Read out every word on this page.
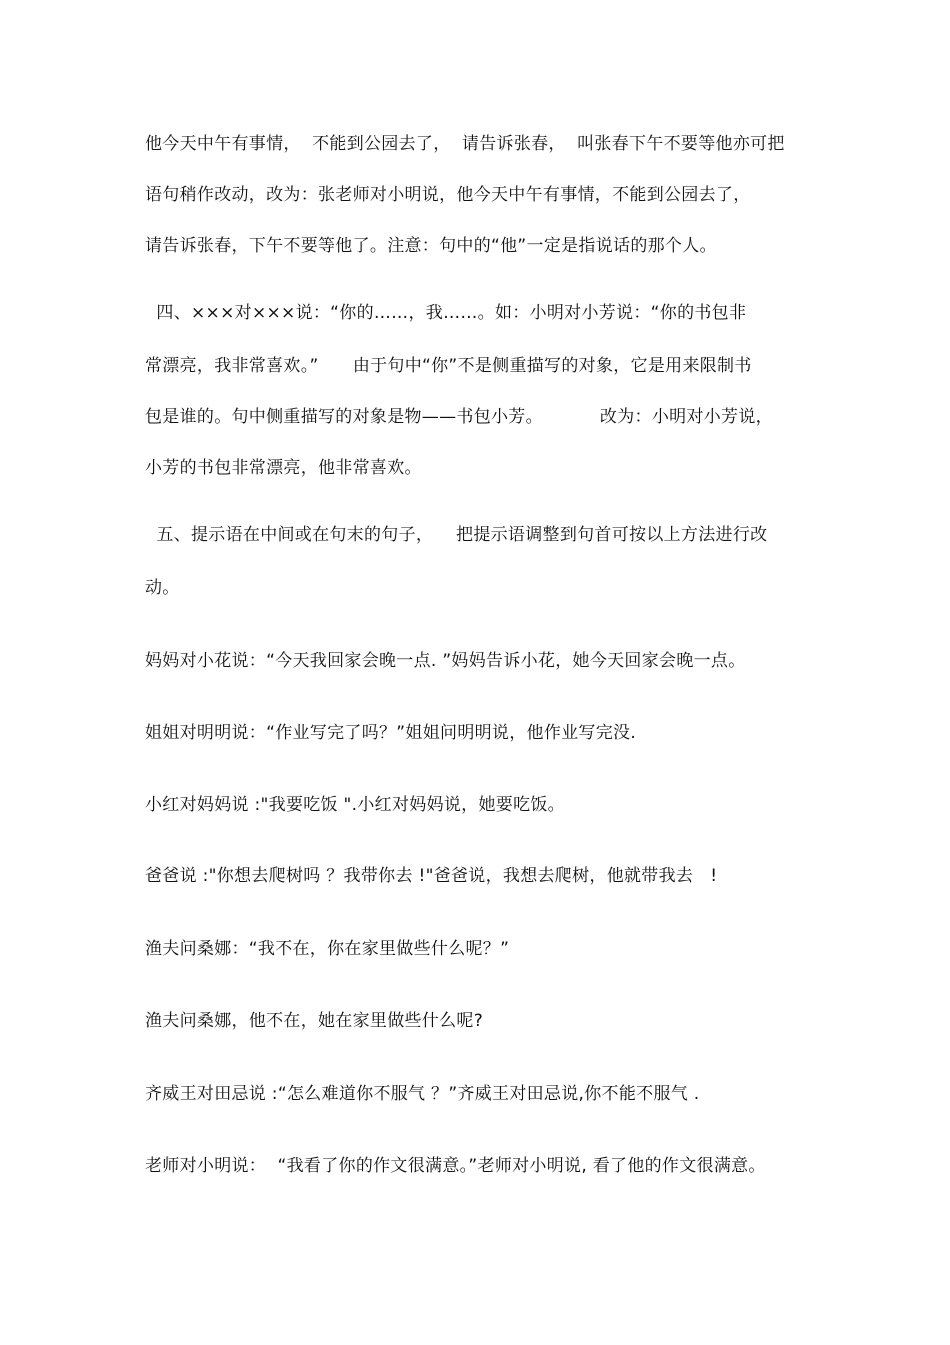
他今天中午有事情，  不能到公园去了，  请告诉张春，  叫张春下午不要等他亦可把
语句稍作改动，改为：张老师对小明说，他今天中午有事情，不能到公园去了，
请告诉张春，下午不要等他了。注意：句中的“他”一定是指说话的那个人。
四、×××对×××说：“你的……，我……。如：小明对小芳说：“你的书包非
常漂亮，我非常喜欢。”      由于句中“你”不是侧重描写的对象，它是用来限制书
包是谁的。句中侧重描写的对象是物——书包小芳。          改为：小明对小芳说，
小芳的书包非常漂亮，他非常喜欢。
五、提示语在中间或在句末的句子，    把提示语调整到句首可按以上方法进行改
动。
妈妈对小花说：“今天我回家会晚一点. ”妈妈告诉小花，她今天回家会晚一点。
姐姐对明明说：“作业写完了吗？”姐姐问明明说，他作业写完没.
小红对妈妈说 :"我要吃饭 ".小红对妈妈说，她要吃饭。
爸爸说 :"你想去爬树吗 ？我带你去 !"爸爸说，我想去爬树，他就带我去   !
渔夫问桑娜：“我不在，你在家里做些什么呢？”
渔夫问桑娜，他不在，她在家里做些什么呢?
齐威王对田忌说 :“怎么难道你不服气 ？”齐威王对田忌说,你不能不服气 .
老师对小明说：  “我看了你的作文很满意。”老师对小明说, 看了他的作文很满意。
